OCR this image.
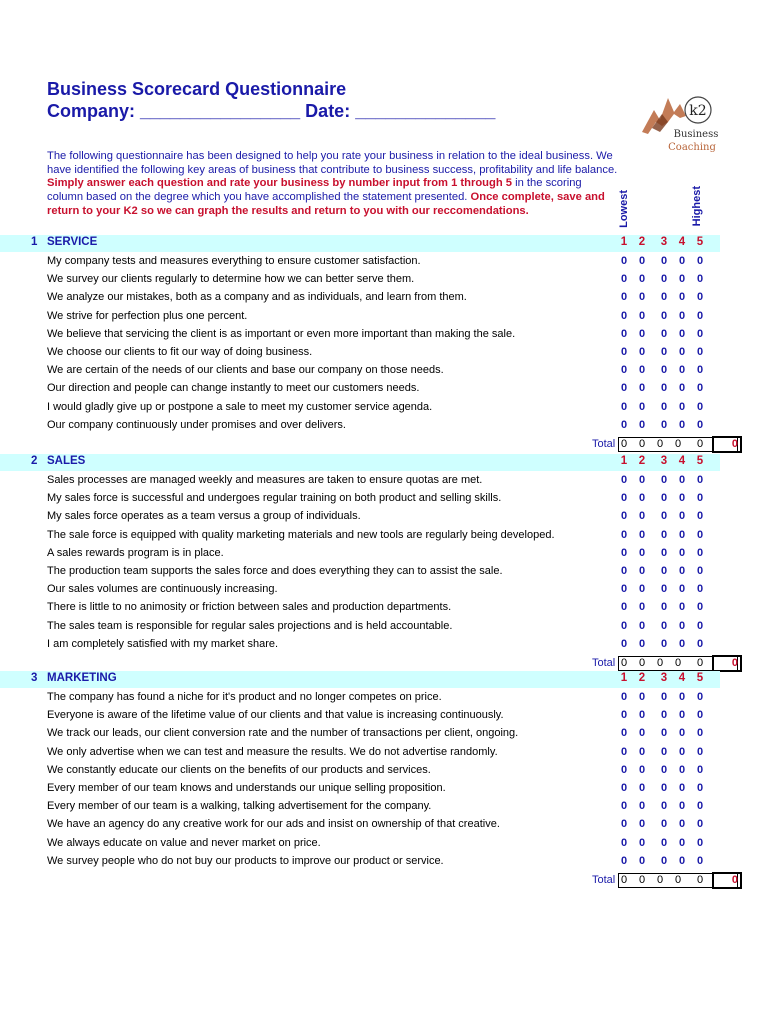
Business Scorecard Questionnaire
Company: ________________ Date: ______________	k2
Business
Coaching
The following questionnaire has been designed to help you rate your business in relation to the ideal business. We have identified the following key areas of business that contribute to business success, profitability and life balance. Simply answer each question and rate your business by number input from 1 through 5 in the scoring column based on the degree which you have accomplished the statement presented. Once complete, save and return to your K2 so we can graph the results and return to you with our reccomendations.	Lowest	Highest
1 SERVICE	1	2	3	4	5
My company tests and measures everything to ensure customer satisfaction.	0	0	0	0	0
We survey our clients regularly to determine how we can better serve them.	0	0	0	0	0
We analyze our mistakes, both as a company and as individuals, and learn from them.	0	0	0	0	0
We strive for perfection plus one percent.	0	0	0	0	0
We believe that servicing the client is as important or even more important than making the sale.	0	0	0	0	0
We choose our clients to fit our way of doing business.	0	0	0	0	0
We are certain of the needs of our clients and base our company on those needs.	0	0	0	0	0
Our direction and people can change instantly to meet our customers needs.	0	0	0	0	0
I would gladly give up or postpone a sale to meet my customer service agenda.	0	0	0	0	0
Our company continuously under promises and over delivers.	0	0	0	0	0
Total 0	0	0	0	0	0
2 SALES	1	2	3	4	5
Sales processes are managed weekly and measures are taken to ensure quotas are met.	0	0	0	0	0
My sales force is successful and undergoes regular training on both product and selling skills.	0	0	0	0	0
My sales force operates as a team versus a group of individuals.	0	0	0	0	0
The sale force is equipped with quality marketing materials and new tools are regularly being developed.	0	0	0	0	0
A sales rewards program is in place.	0	0	0	0	0
The production team supports the sales force and does everything they can to assist the sale.	0	0	0	0	0
Our sales volumes are continuously increasing.	0	0	0	0	0
There is little to no animosity or friction between sales and production departments.	0	0	0	0	0
The sales team is responsible for regular sales projections and is held accountable.	0	0	0	0	0
I am completely satisfied with my market share.	0	0	0	0	0
Total 0	0	0	0	0	0
3 MARKETING	1	2	3	4	5
The company has found a niche for it's product and no longer competes on price.	0	0	0	0	0
Everyone is aware of the lifetime value of our clients and that value is increasing continuously.	0	0	0	0	0
We track our leads, our client conversion rate and the number of transactions per client, ongoing.	0	0	0	0	0
We only advertise when we can test and measure the results. We do not advertise randomly.	0	0	0	0	0
We constantly educate our clients on the benefits of our products and services.	0	0	0	0	0
Every member of our team knows and understands our unique selling proposition.	0	0	0	0	0
Every member of our team is a walking, talking advertisement for the company.	0	0	0	0	0
We have an agency do any creative work for our ads and insist on ownership of that creative.	0	0	0	0	0
We always educate on value and never market on price.	0	0	0	0	0
We survey people who do not buy our products to improve our product or service.	0	0	0	0	0
Total 0	0	0	0	0	0
